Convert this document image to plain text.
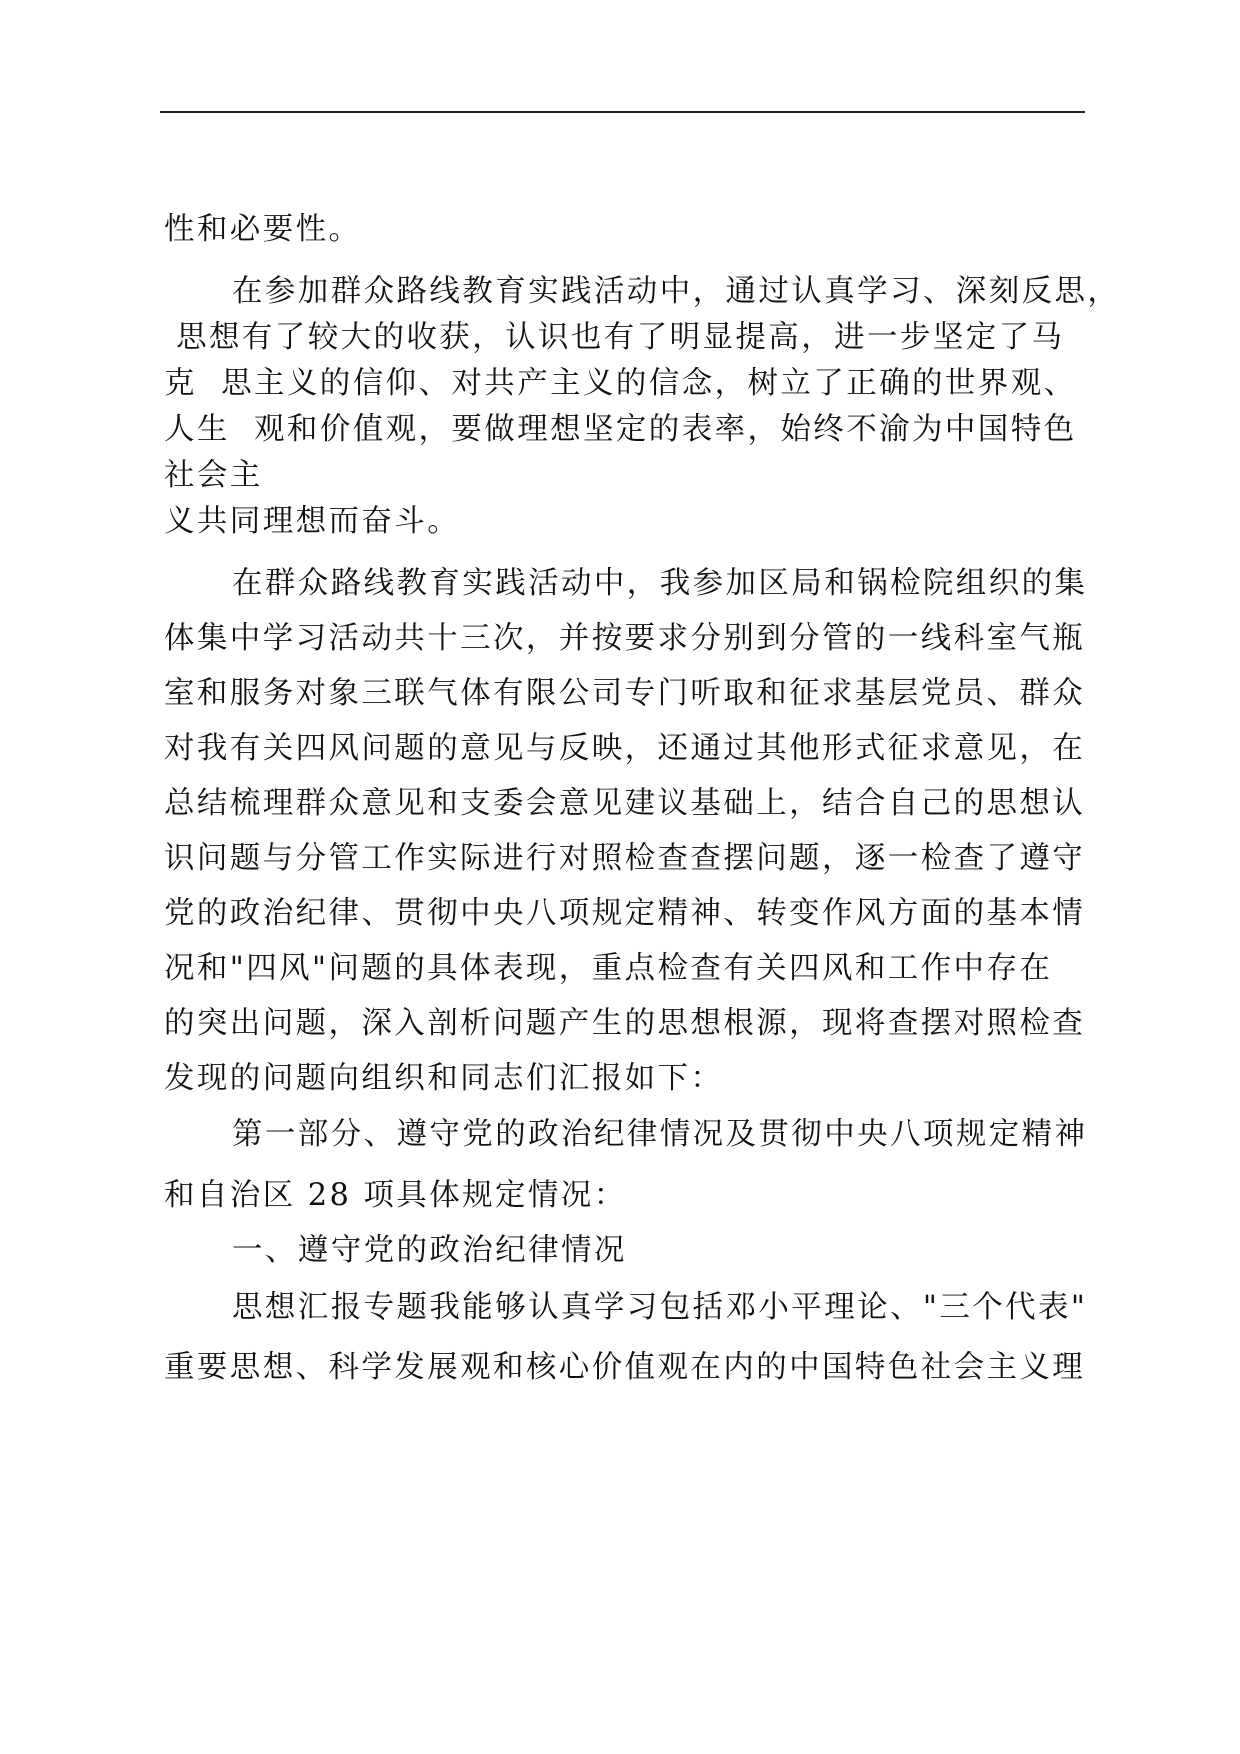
性和必要性。
在参加群众路线教育实践活动中，通过认真学习、深刻反思，
思想有了较大的收获，认识也有了明显提高，进一步坚定了马
克  思主义的信仰、对共产主义的信念，树立了正确的世界观、
人生  观和价值观，要做理想坚定的表率，始终不渝为中国特色
社会主
义共同理想而奋斗。
在群众路线教育实践活动中，我参加区局和锅检院组织的集
体集中学习活动共十三次，并按要求分别到分管的一线科室气瓶
室和服务对象三联气体有限公司专门听取和征求基层党员、群众
对我有关四风问题的意见与反映，还通过其他形式征求意见，在
总结梳理群众意见和支委会意见建议基础上，结合自己的思想认
识问题与分管工作实际进行对照检查查摆问题，逐一检查了遵守
党的政治纪律、贯彻中央八项规定精神、转变作风方面的基本情
况和"四风"问题的具体表现，重点检查有关四风和工作中存在
的突出问题，深入剖析问题产生的思想根源，现将查摆对照检查
发现的问题向组织和同志们汇报如下：
第一部分、遵守党的政治纪律情况及贯彻中央八项规定精神
和自治区 28 项具体规定情况：
一、遵守党的政治纪律情况
思想汇报专题我能够认真学习包括邓小平理论、"三个代表"
重要思想、科学发展观和核心价值观在内的中国特色社会主义理
